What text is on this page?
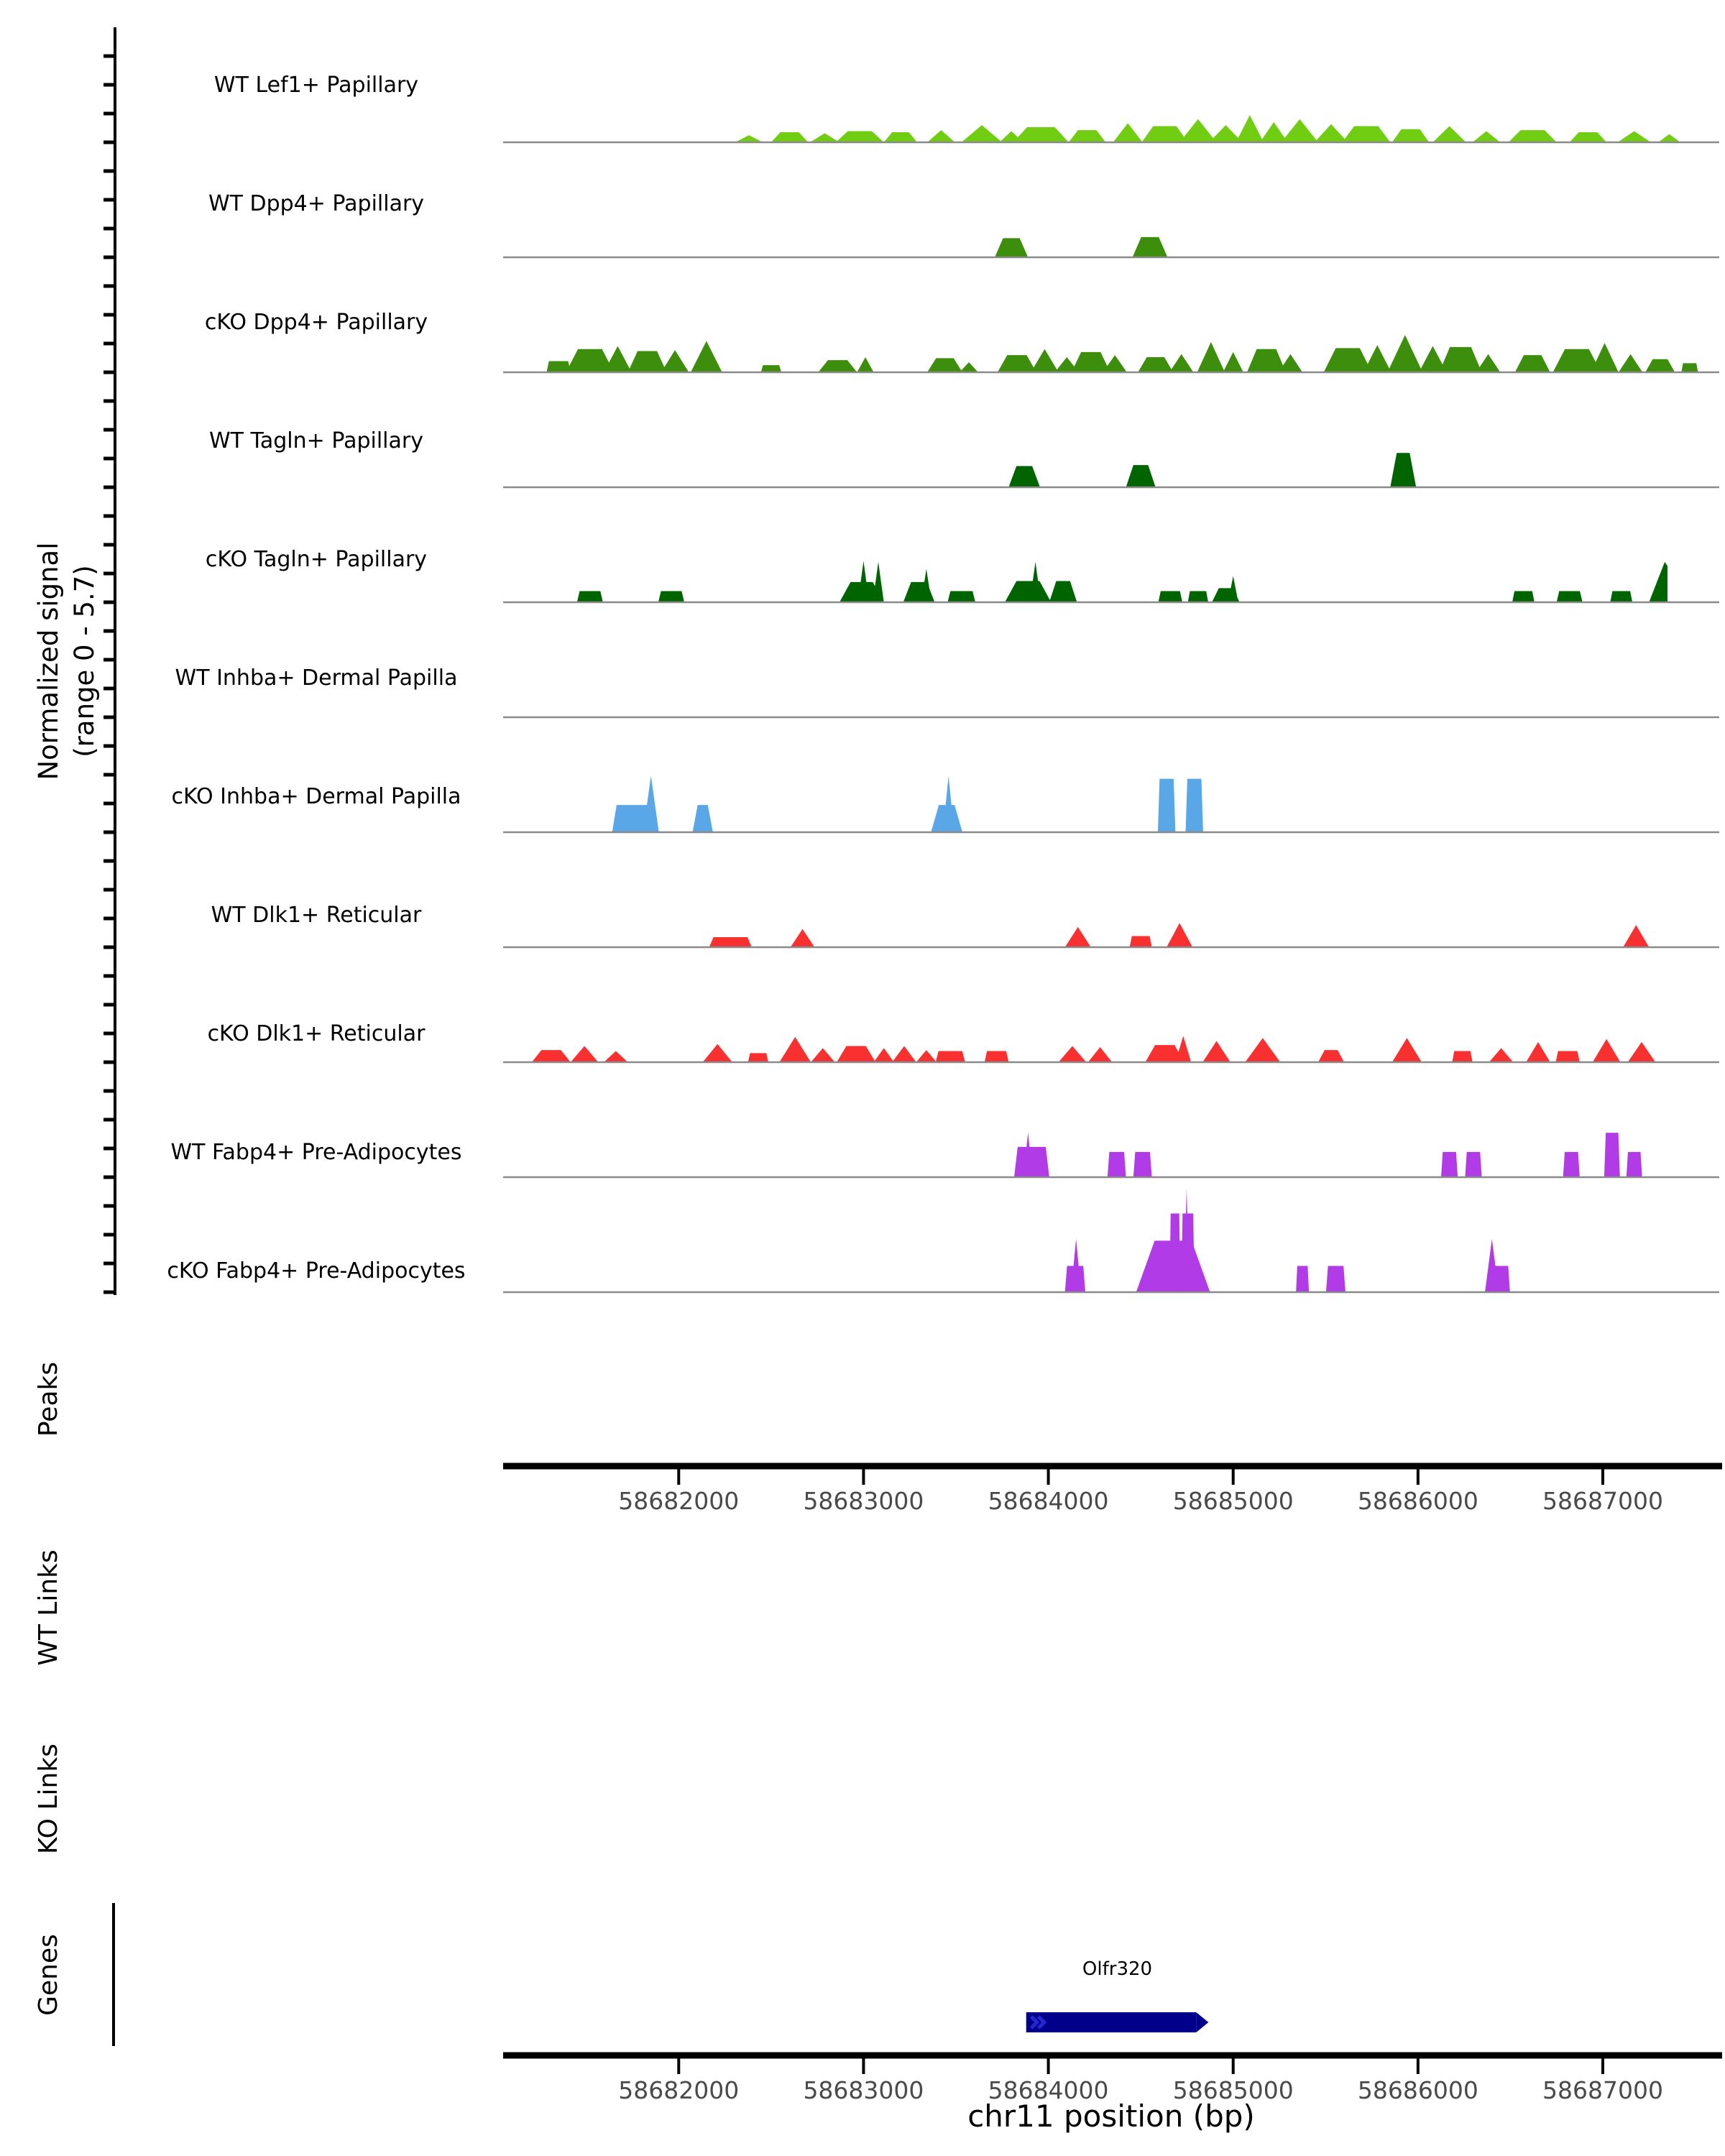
58682000	58683000	58684000	58685000	58686000	58687000
58682000	58683000	58684000	58685000	58686000	58687000
Olfr320
Normalized signal (range 0 - 5.7)
Peaks
WT Links
KO Links
Genes
WT Lef1+ Papillary
WT Dpp4+ Papillary
cKO Dpp4+ Papillary
WT Tagln+ Papillary
cKO Tagln+ Papillary
WT Inhba+ Dermal Papilla
cKO Inhba+ Dermal Papilla
WT Dlk1+ Reticular
cKO Dlk1+ Reticular
WT Fabp4+ Pre-Adipocytes
cKO Fabp4+ Pre-Adipocytes
chr11 position (bp)
